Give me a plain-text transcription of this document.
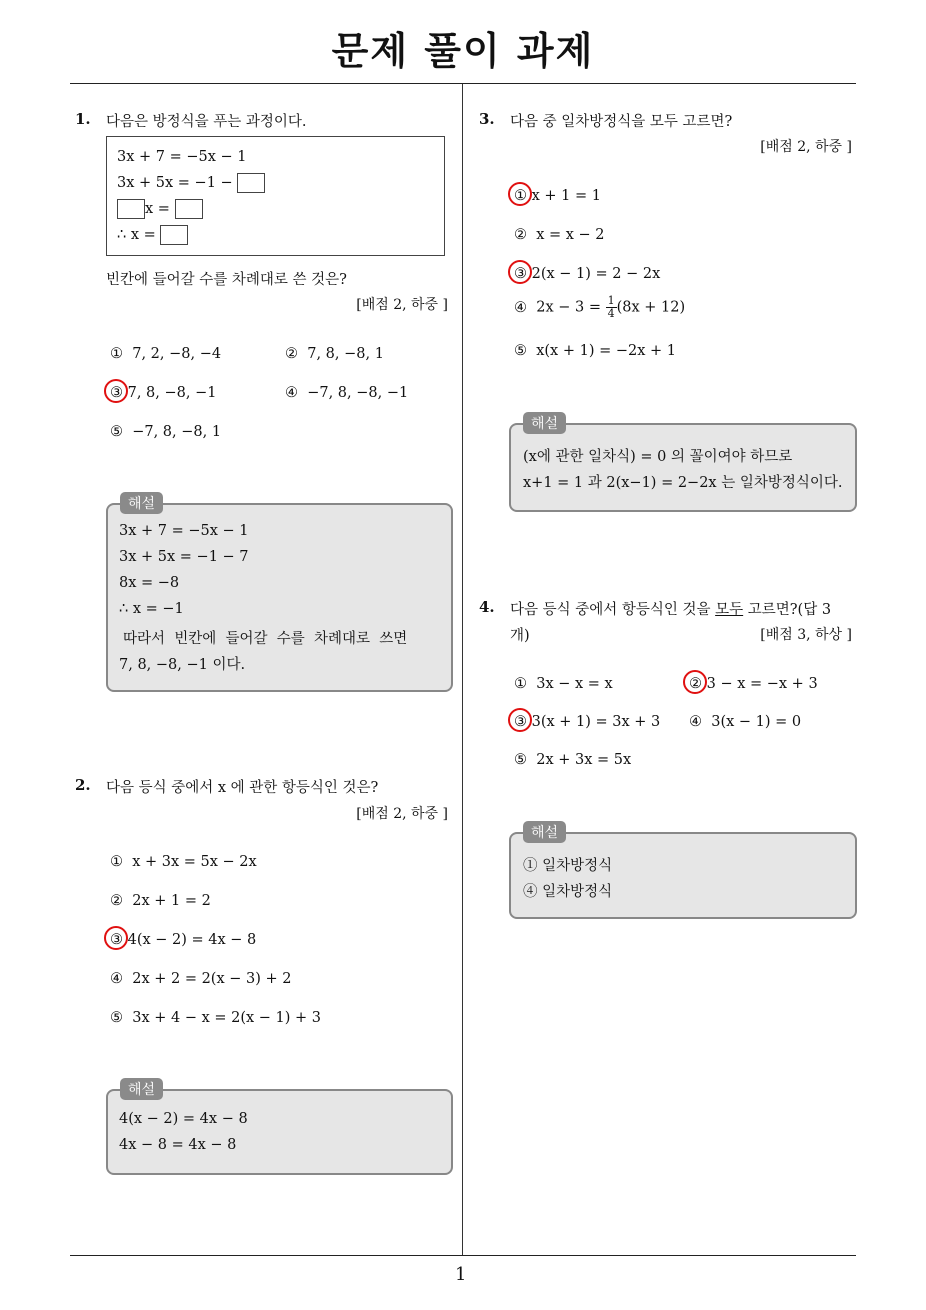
문제 풀이 과제
1
1. 다음은 방정식을 푸는 과정이다.
3x + 7 = −5x − 1
3x + 5x = −1 −
x =
∴ x =
빈칸에 들어갈 수를 차례대로 쓴 것은?
[배점 2, 하중 ]
① 7, 2, −8, −4	② 7, 8, −8, 1
③ 7, 8, −8, −1	④ −7, 8, −8, −1
⑤ −7, 8, −8, 1
해설
3x + 7 = −5x − 1
3x + 5x = −1 − 7
8x = −8
∴ x = −1
따라서  빈칸에  들어갈  수를  차례대로  쓰면
7, 8, −8, −1 이다.
2. 다음 등식 중에서 x 에 관한 항등식인 것은?
[배점 2, 하중 ]
① x + 3x = 5x − 2x
② 2x + 1 = 2
③ 4(x − 2) = 4x − 8
④ 2x + 2 = 2(x − 3) + 2
⑤ 3x + 4 − x = 2(x − 1) + 3
해설
4(x − 2) = 4x − 8
4x − 8 = 4x − 8
3. 다음 중 일차방정식을 모두 고르면?
[배점 2, 하중 ]
① x + 1 = 1
② x = x − 2
③ 2(x − 1) = 2 − 2x
④ $2x - 3 = \frac{1}{4} (8x + 12)$
⑤ x(x + 1) = −2x + 1
해설
(x에 관한 일차식) = 0 의 꼴이여야 하므로
x+1 = 1 과 2(x−1) = 2−2x 는 일차방정식이다.
4. 다음 등식 중에서 항등식인 것을 모두 고르면?(답 3
개)	[배점 3, 하상 ]
① 3x − x = x	② 3 − x = −x + 3
③ 3(x + 1) = 3x + 3 ④ 3(x − 1) = 0
⑤ 2x + 3x = 5x
해설
① 일차방정식
④ 일차방정식
